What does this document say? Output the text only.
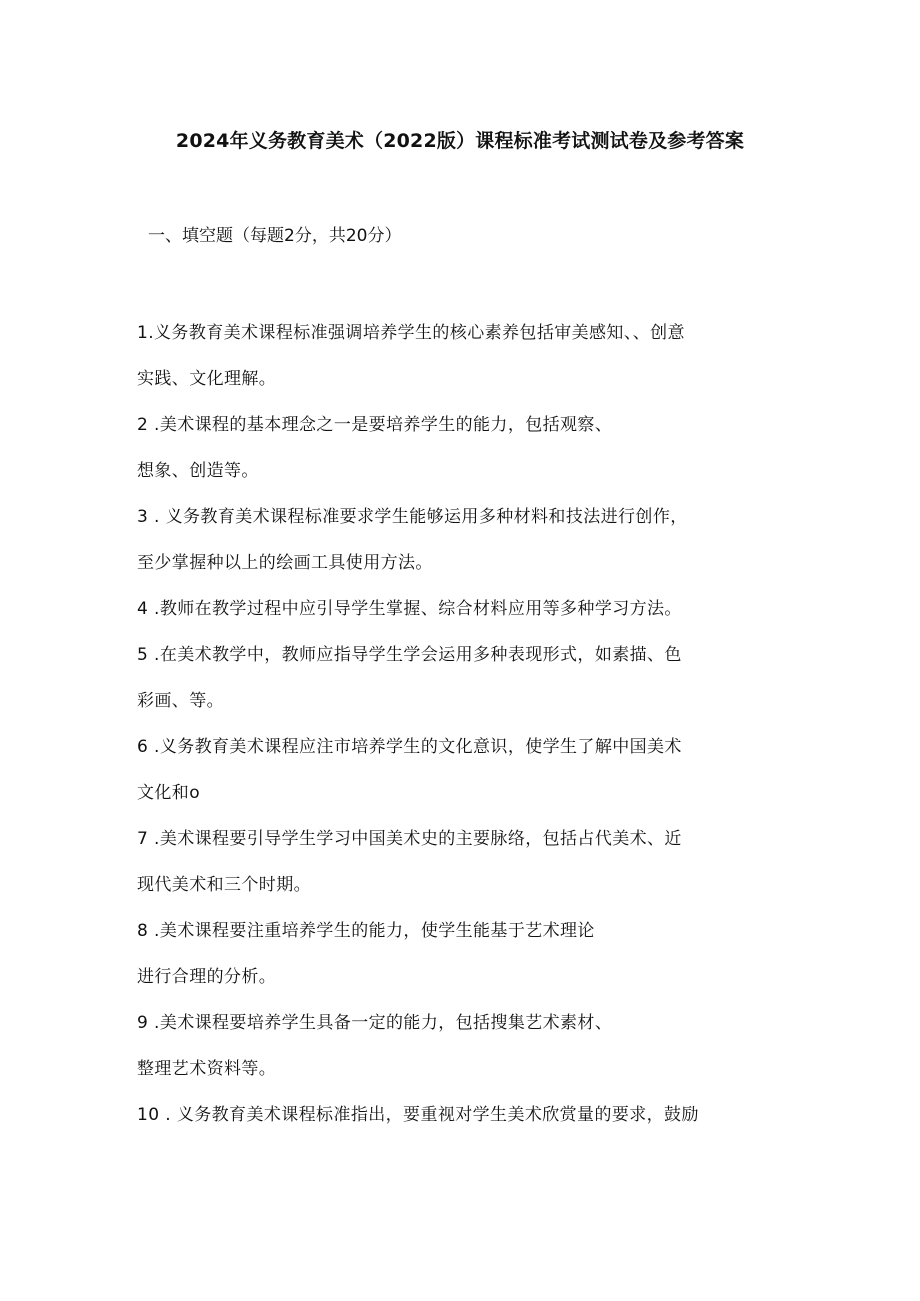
2024年义务教育美术（2022版）课程标准考试测试卷及参考答案
一、填空题（每题2分，共20分）
1.义务教育美术课程标准强调培养学生的核心素养包括审美感知、、创意
实践、文化理解。
2 .美术课程的基本理念之一是要培养学生的能力，包括观察、
想象、创造等。
3 . 义务教育美术课程标准要求学生能够运用多种材料和技法进行创作，
至少掌握种以上的绘画工具使用方法。
4 .教师在教学过程中应引导学生掌握、综合材料应用等多种学习方法。
5 .在美术教学中，教师应指导学生学会运用多种表现形式，如素描、色
彩画、等。
6 .义务教育美术课程应注市培养学生的文化意识，使学生了解中国美术
文化和o
7 .美术课程要引导学生学习中国美术史的主要脉络，包括占代美术、近
现代美术和三个时期。
8 .美术课程要注重培养学生的能力，使学生能基于艺术理论
进行合理的分析。
9 .美术课程要培养学生具备一定的能力，包括搜集艺术素材、
整理艺术资料等。
10 . 义务教育美术课程标准指出，要重视对学生美术欣赏量的要求，鼓励
